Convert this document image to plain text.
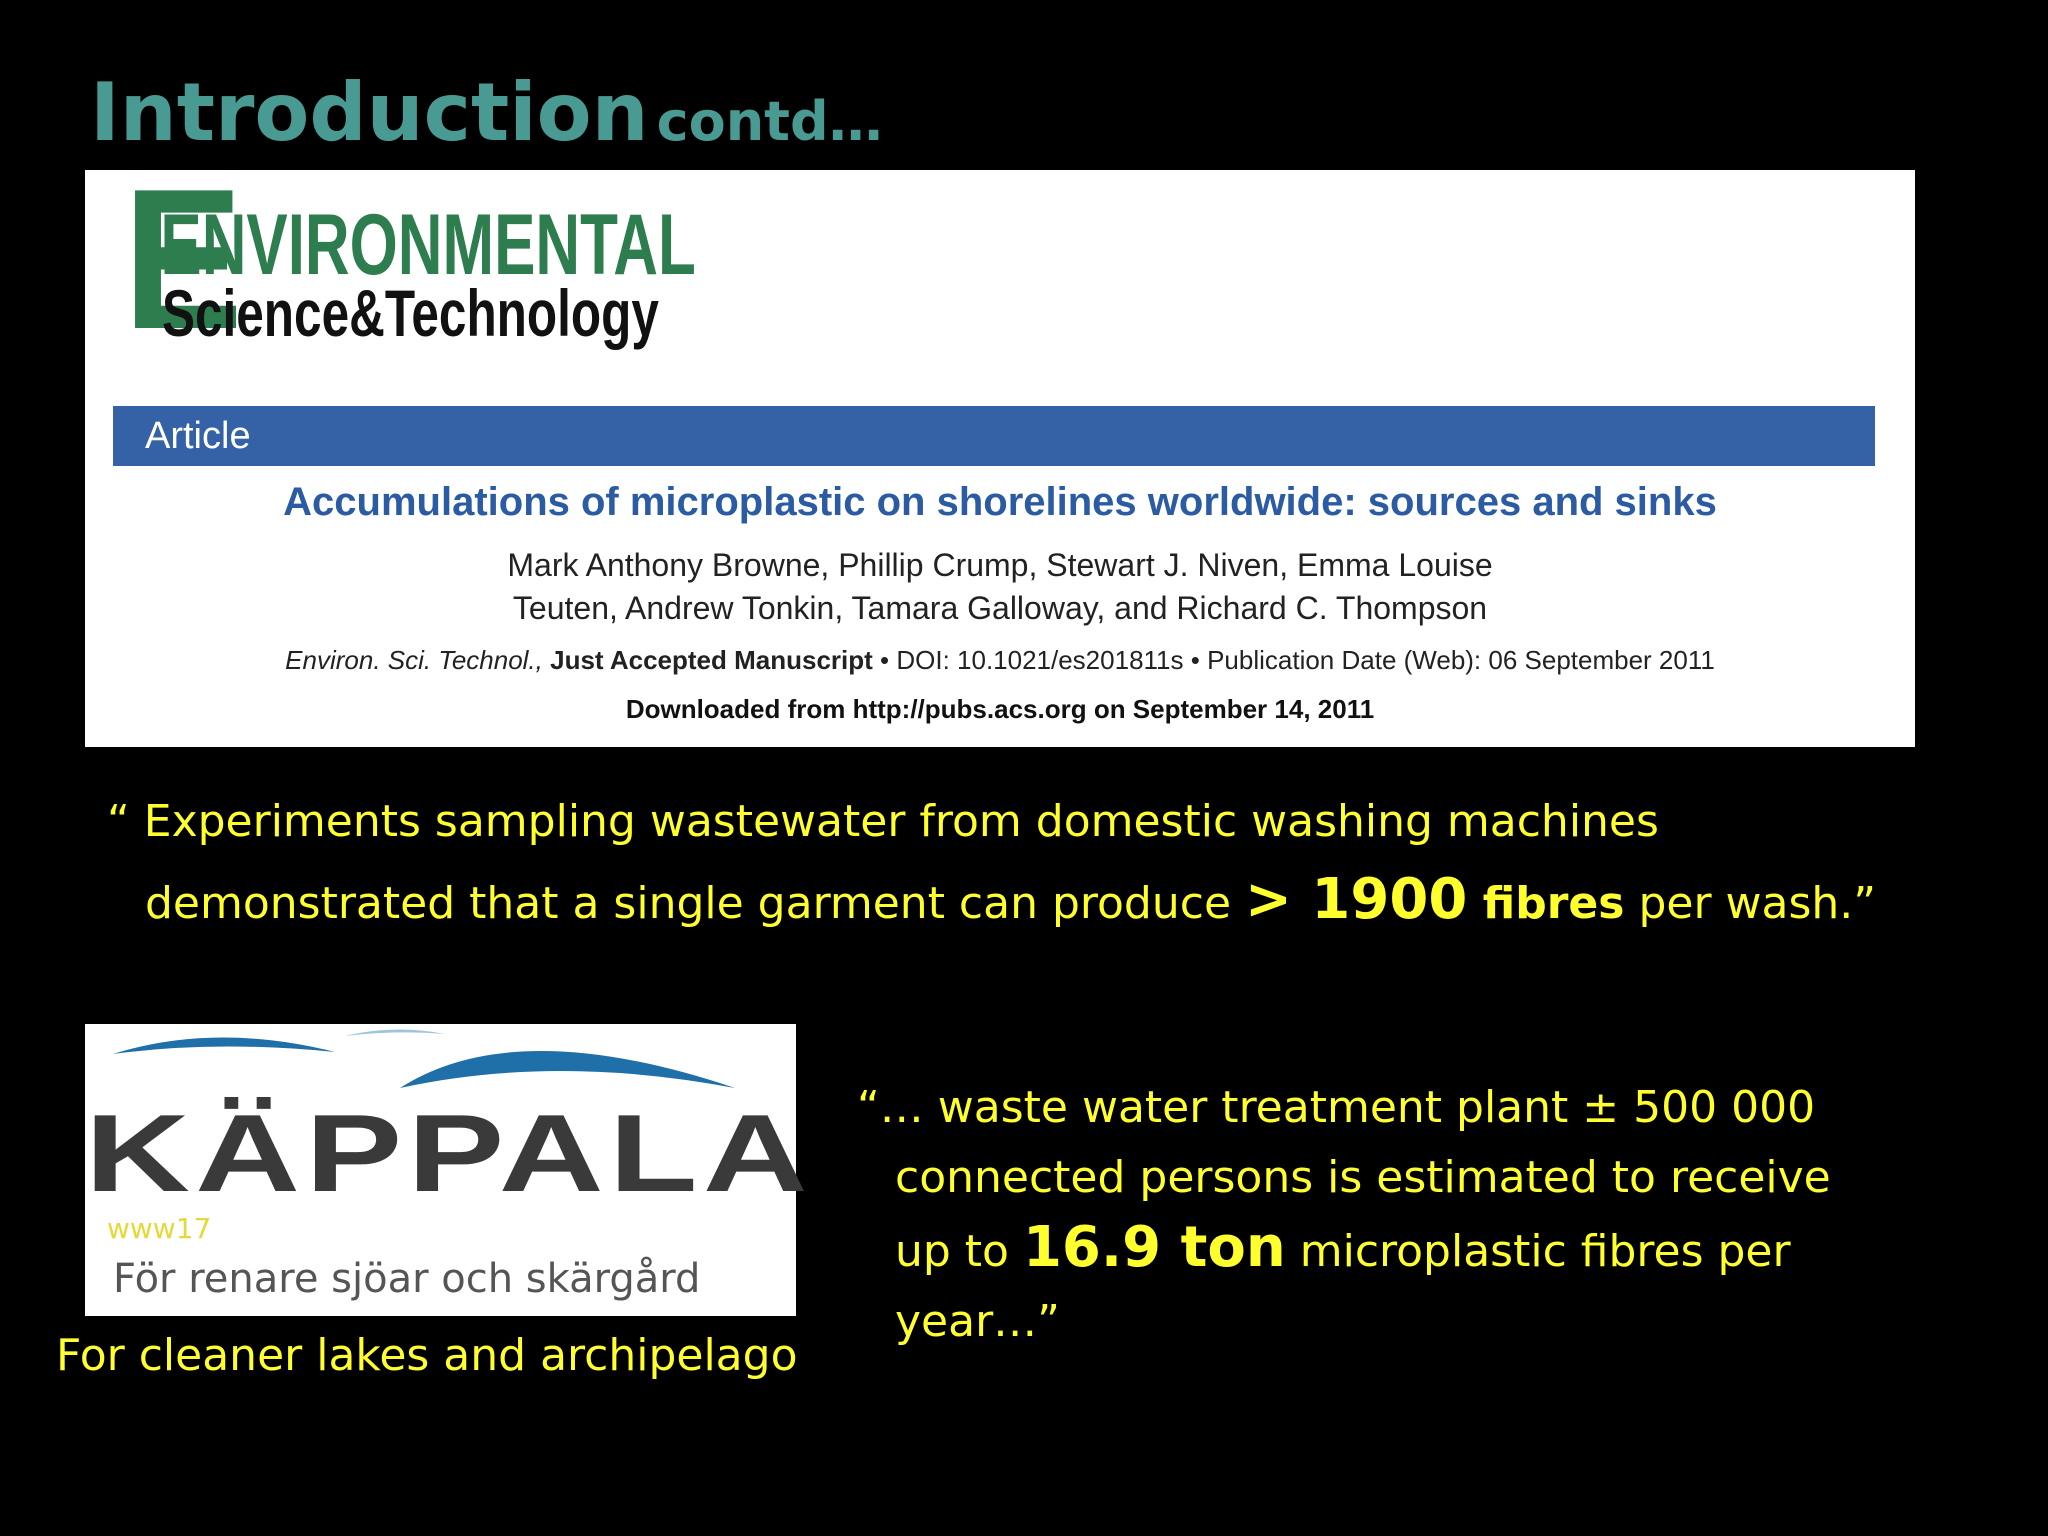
Introduction contd…
E
ENVIRONMENTAL
Science&Technology
Article
Accumulations of microplastic on shorelines worldwide: sources and sinks
Mark Anthony Browne, Phillip Crump, Stewart J. Niven, Emma Louise
Teuten, Andrew Tonkin, Tamara Galloway, and Richard C. Thompson
Environ. Sci. Technol., Just Accepted Manuscript • DOI: 10.1021/es201811s • Publication Date (Web): 06 September 2011
Downloaded from http://pubs.acs.org on September 14, 2011
“ Experiments sampling wastewater from domestic washing machines
demonstrated that a single garment can produce > 1900 fibres per wash.”
KÄPPALA
www17
För renare sjöar och skärgård
For cleaner lakes and archipelago
“… waste water treatment plant ± 500 000
connected persons is estimated to receive
up to 16.9 ton microplastic fibres per
year…”
